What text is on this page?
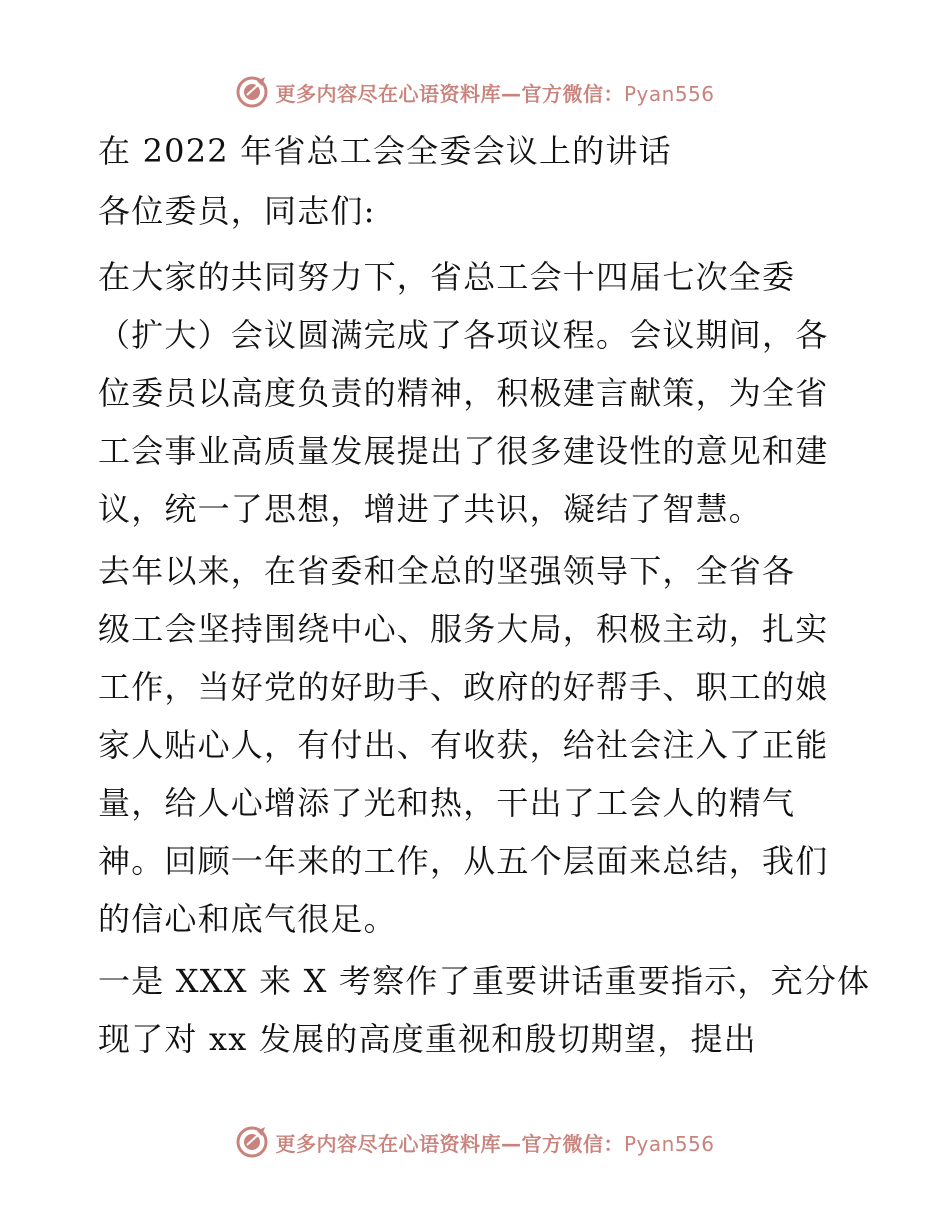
更多内容尽在心语资料库—官方微信：Pyan556
在 2022 年省总工会全委会议上的讲话
各位委员，同志们:
在大家的共同努力下，省总工会十四届七次全委
（扩大）会议圆满完成了各项议程。会议期间，各
位委员以高度负责的精神，积极建言献策，为全省
工会事业高质量发展提出了很多建设性的意见和建
议，统一了思想，增进了共识，凝结了智慧。
去年以来，在省委和全总的坚强领导下，全省各
级工会坚持围绕中心、服务大局，积极主动，扎实
工作，当好党的好助手、政府的好帮手、职工的娘
家人贴心人，有付出、有收获，给社会注入了正能
量，给人心增添了光和热，干出了工会人的精气
神。回顾一年来的工作，从五个层面来总结，我们
的信心和底气很足。
一是 XXX 来 X 考察作了重要讲话重要指示，充分体
现了对 xx 发展的高度重视和殷切期望，提出
更多内容尽在心语资料库—官方微信：Pyan556
